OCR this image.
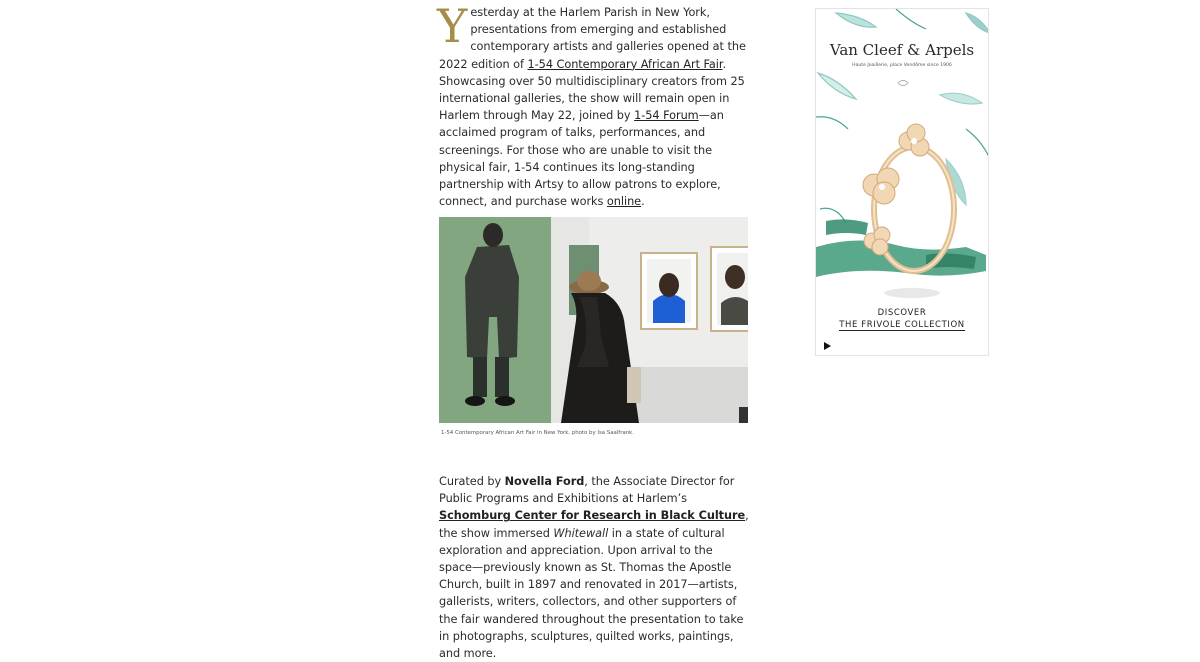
Yesterday at the Harlem Parish in New York, presentations from emerging and established contemporary artists and galleries opened at the 2022 edition of 1-54 Contemporary African Art Fair. Showcasing over 50 multidisciplinary creators from 25 international galleries, the show will remain open in Harlem through May 22, joined by 1-54 Forum—an acclaimed program of talks, performances, and screenings. For those who are unable to visit the physical fair, 1-54 continues its long-standing partnership with Artsy to allow patrons to explore, connect, and purchase works online.

1-54 Contemporary African Art Fair in New York, photo by Isa Saalfrank.

Curated by Novella Ford, the Associate Director for Public Programs and Exhibitions at Harlem’s Schomburg Center for Research in Black Culture, the show immersed Whitewall in a state of cultural exploration and appreciation. Upon arrival to the space—previously known as St. Thomas the Apostle Church, built in 1897 and renovated in 2017—artists, gallerists, writers, collectors, and other supporters of the fair wandered throughout the presentation to take in photographs, sculptures, quilted works, paintings, and more.

Van Cleef & Arpels
Haute Joaillerie, place Vendôme since 1906
DISCOVER
THE FRIVOLE COLLECTION
